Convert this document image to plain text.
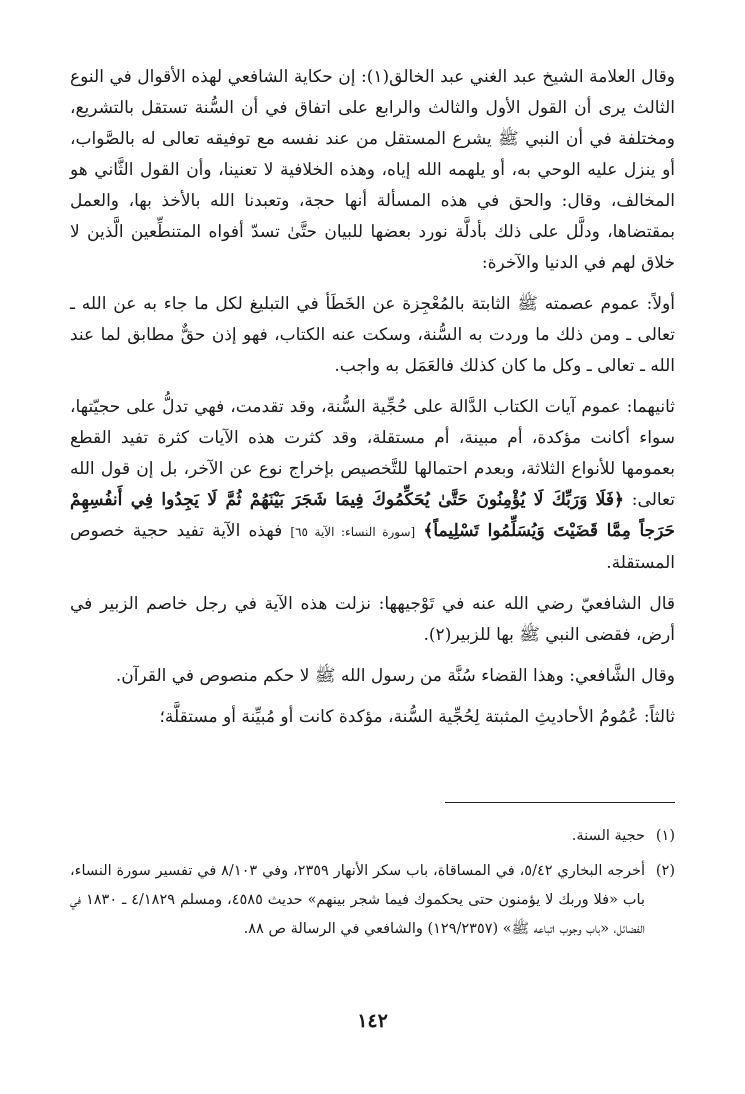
وقال العلامة الشيخ عبد الغني عبد الخالق(١): إن حكاية الشافعي لهذه الأقوال في النوع الثالث يرى أن القول الأول والثالث والرابع على اتفاق في أن السُّنة تستقل بالتشريع، ومختلفة في أن النبي ﷺ يشرع المستقل من عند نفسه مع توفيقه تعالى له بالصَّواب، أو ينزل عليه الوحي به، أو يلهمه الله إياه، وهذه الخلافية لا تعنينا، وأن القول الثَّاني هو المخالف، وقال: والحق في هذه المسألة أنها حجة، وتعبدنا الله بالأخذ بها، والعمل بمقتضاها، ودلَّل على ذلك بأدلَّة نورد بعضها للبيان حتَّىٰ تسدّ أفواه المتنطِّعين الَّذين لا خلاق لهم في الدنيا والآخرة:

أولاً: عموم عصمته ﷺ الثابتة بالمُعْجِزة عن الخَطَأ في التبليغ لكل ما جاء به عن الله ـ تعالى ـ ومن ذلك ما وردت به السُّنة، وسكت عنه الكتاب، فهو إذن حقٌّ مطابق لما عند الله ـ تعالى ـ وكل ما كان كذلك فالعَمَل به واجب.

ثانيهما: عموم آيات الكتاب الدَّالة على حُجِّية السُّنة، وقد تقدمت، فهي تدلُّ على حجيّتها، سواء أكانت مؤكدة، أم مبينة، أم مستقلة، وقد كثرت هذه الآيات كثرة تفيد القطع بعمومها للأنواع الثلاثة، وبعدم احتمالها للتَّخصيص بإخراج نوع عن الآخر، بل إن قول الله تعالى: ﴿فَلَا وَرَبِّكَ لَا يُؤْمِنُونَ حَتَّىٰ يُحَكِّمُوكَ فِيمَا شَجَرَ بَيْنَهُمْ ثُمَّ لَا يَجِدُوا فِي أَنفُسِهِمْ حَرَجاً مِمَّا قَضَيْتَ وَيُسَلِّمُوا تَسْلِيماً﴾ [سورة النساء: الآية ٦٥] فهذه الآية تفيد حجية خصوص المستقلة.

قال الشافعيّ رضي الله عنه في تَوْجيهها: نزلت هذه الآية في رجل خاصم الزبير في أرض، فقضى النبي ﷺ بها للزبير(٢).

وقال الشَّافعي: وهذا القضاء سُنَّة من رسول الله ﷺ لا حكم منصوص في القرآن.

ثالثاً: عُمُومُ الأحاديثِ المثبتة لِحُجِّية السُّنة، مؤكدة كانت أو مُبيِّنة أو مستقلَّة؛

(١)
حجية السنة.
(٢)
أخرجه البخاري ٥/٤٢، في المساقاة، باب سكر الأنهار ٢٣٥٩، وفي ٨/١٠٣ في تفسير سورة النساء، باب «فلا وربك لا يؤمنون حتى يحكموك فيما شجر بينهم» حديث ٤٥٨٥، ومسلم ٤/١٨٢٩ ـ ١٨٣٠ في الفضائل، «باب وجوب اتباعه ﷺ» (١٢٩/٢٣٥٧) والشافعي في الرسالة ص ٨٨.
١٤٢
